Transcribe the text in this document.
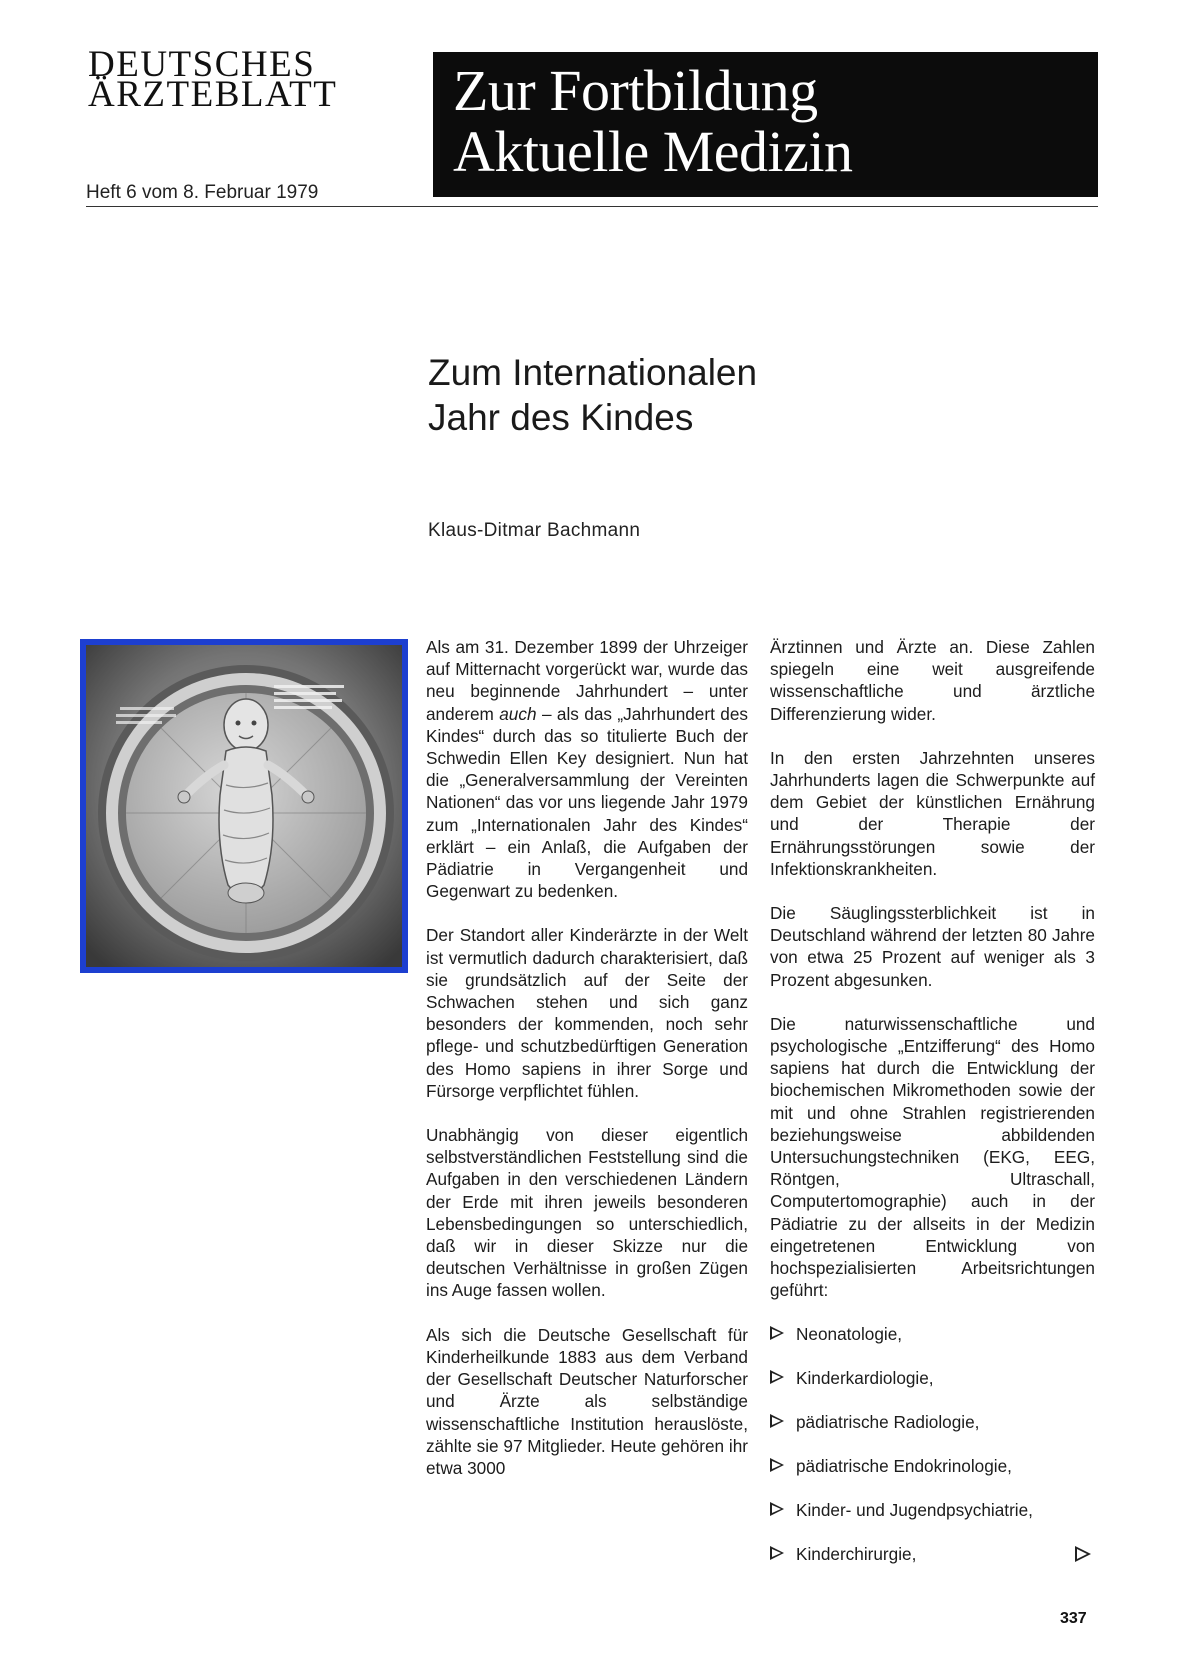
DEUTSCHES
ÄRZTEBLATT
Heft 6 vom 8. Februar 1979
Zur Fortbildung
Aktuelle Medizin
Zum Internationalen
Jahr des Kindes
Klaus-Ditmar Bachmann

Als am 31. Dezember 1899 der Uhrzeiger auf Mitternacht vorgerückt war, wurde das neu beginnende Jahrhundert – unter anderem auch – als das „Jahrhundert des Kindes“ durch das so titulierte Buch der Schwedin Ellen Key designiert. Nun hat die „Generalversammlung der Vereinten Nationen“ das vor uns liegende Jahr 1979 zum „Internationalen Jahr des Kindes“ erklärt – ein Anlaß, die Aufgaben der Pädiatrie in Vergangenheit und Gegenwart zu bedenken.

Der Standort aller Kinderärzte in der Welt ist vermutlich dadurch charakterisiert, daß sie grundsätzlich auf der Seite der Schwachen stehen und sich ganz besonders der kommenden, noch sehr pflege- und schutzbedürftigen Generation des Homo sapiens in ihrer Sorge und Fürsorge verpflichtet fühlen.

Unabhängig von dieser eigentlich selbstverständlichen Feststellung sind die Aufgaben in den verschiedenen Ländern der Erde mit ihren jeweils besonderen Lebensbedingungen so unterschiedlich, daß wir in dieser Skizze nur die deutschen Verhältnisse in großen Zügen ins Auge fassen wollen.

Als sich die Deutsche Gesellschaft für Kinderheilkunde 1883 aus dem Verband der Gesellschaft Deutscher Naturforscher und Ärzte als selbständige wissenschaftliche Institution herauslöste, zählte sie 97 Mitglieder. Heute gehören ihr etwa 3000

Ärztinnen und Ärzte an. Diese Zahlen spiegeln eine weit ausgreifende wissenschaftliche und ärztliche Differenzierung wider.

In den ersten Jahrzehnten unseres Jahrhunderts lagen die Schwerpunkte auf dem Gebiet der künstlichen Ernährung und der Therapie der Ernährungsstörungen sowie der Infektionskrankheiten.

Die Säuglingssterblichkeit ist in Deutschland während der letzten 80 Jahre von etwa 25 Prozent auf weniger als 3 Prozent abgesunken.

Die naturwissenschaftliche und psychologische „Entzifferung“ des Homo sapiens hat durch die Entwicklung der biochemischen Mikromethoden sowie der mit und ohne Strahlen registrierenden beziehungsweise abbildenden Untersuchungstechniken (EKG, EEG, Röntgen, Ultraschall, Computertomographie) auch in der Pädiatrie zu der allseits in der Medizin eingetretenen Entwicklung von hochspezialisierten Arbeitsrichtungen geführt:

Neonatologie,
Kinderkardiologie,
pädiatrische Radiologie,
pädiatrische Endokrinologie,
Kinder- und Jugendpsychiatrie,
Kinderchirurgie,
337
